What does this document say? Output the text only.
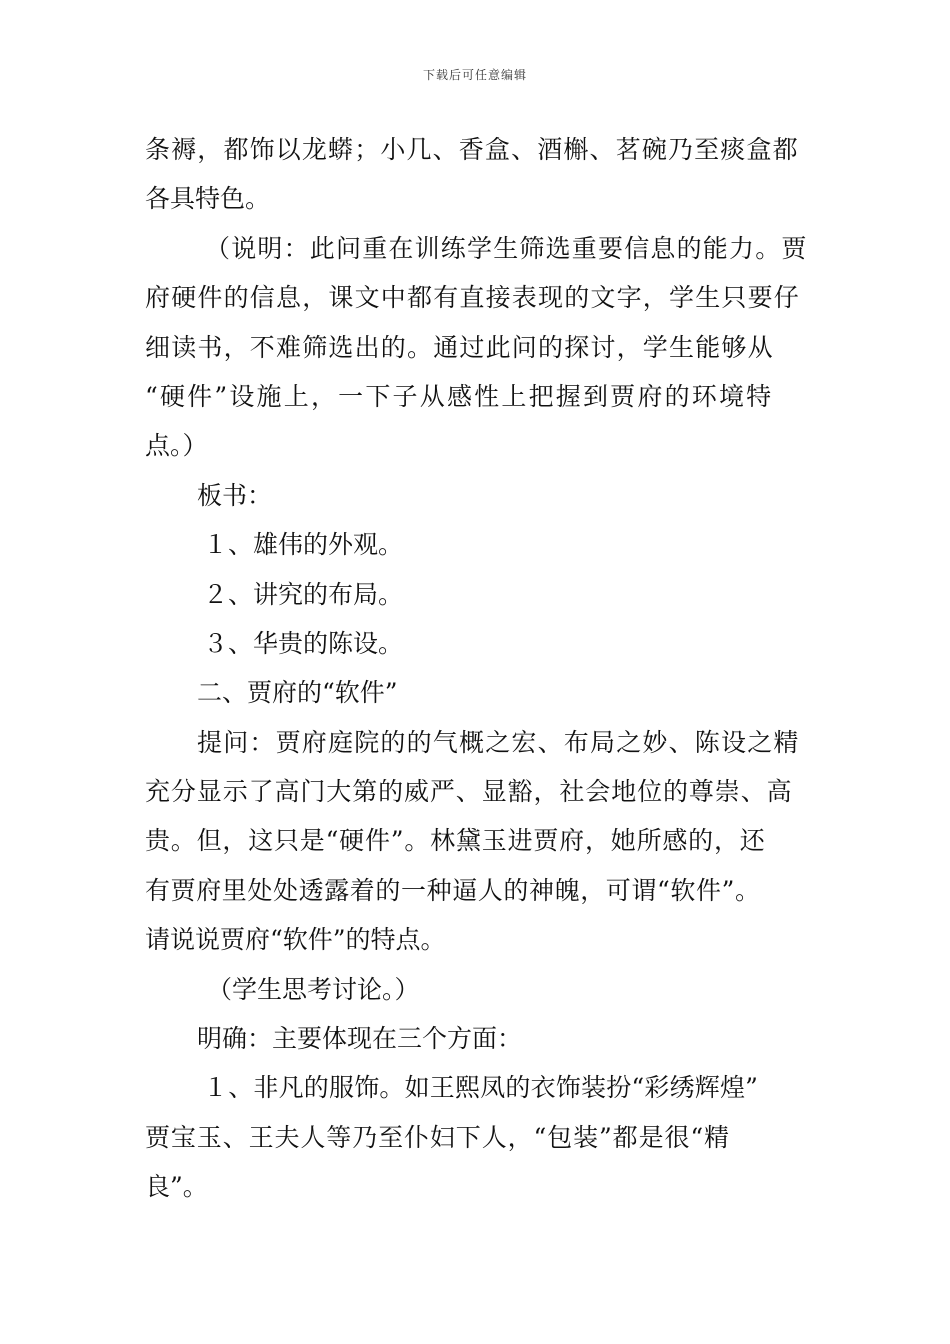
下载后可任意编辑
条褥，都饰以龙蟒；小几、香盒、酒槲、茗碗乃至痰盒都
各具特色。
（说明：此问重在训练学生筛选重要信息的能力。贾
府硬件的信息，课文中都有直接表现的文字，学生只要仔
细读书，不难筛选出的。通过此问的探讨，学生能够从
“硬件”设施上，一下子从感性上把握到贾府的环境特
点。）
板书：
１、雄伟的外观。
２、讲究的布局。
３、华贵的陈设。
二、贾府的“软件”
提问：贾府庭院的的气概之宏、布局之妙、陈设之精
充分显示了高门大第的威严、显豁，社会地位的尊崇、高
贵。但，这只是“硬件”。林黛玉进贾府，她所感的，还
有贾府里处处透露着的一种逼人的神魄，可谓“软件”。
请说说贾府“软件”的特点。
（学生思考讨论。）
明确：主要体现在三个方面：
１、非凡的服饰。如王熙凤的衣饰装扮“彩绣辉煌”
贾宝玉、王夫人等乃至仆妇下人，“包装”都是很“精
良”。
